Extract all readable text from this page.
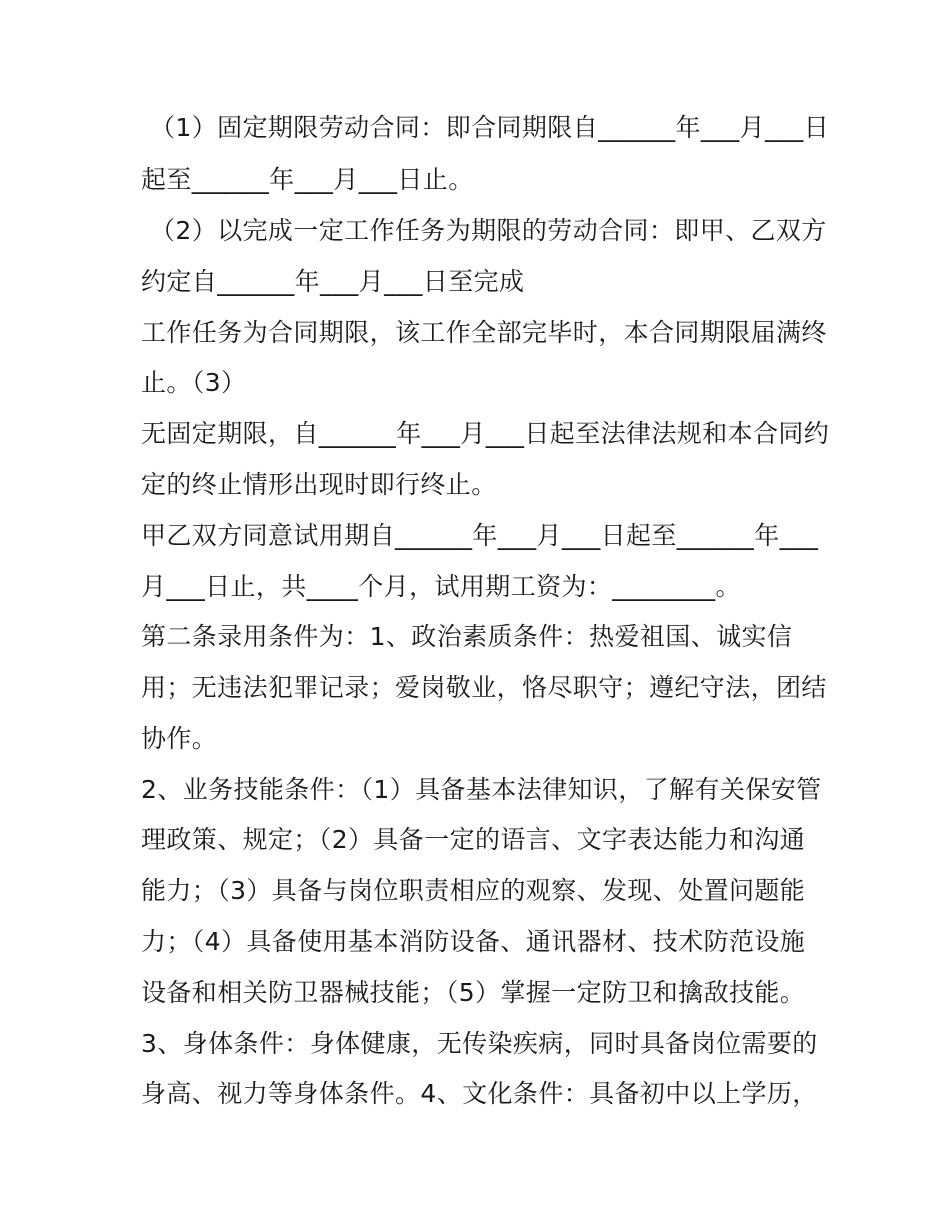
（1）固定期限劳动合同：即合同期限自______年___月___日
起至______年___月___日止。
（2）以完成一定工作任务为期限的劳动合同：即甲、乙双方
约定自______年___月___日至完成
工作任务为合同期限，该工作全部完毕时，本合同期限届满终
止。（3）
无固定期限，自______年___月___日起至法律法规和本合同约
定的终止情形出现时即行终止。
甲乙双方同意试用期自______年___月___日起至______年___
月___日止，共____个月，试用期工资为：________。
第二条录用条件为：1、政治素质条件：热爱祖国、诚实信
用；无违法犯罪记录；爱岗敬业，恪尽职守；遵纪守法，团结
协作。
2、业务技能条件：（1）具备基本法律知识，了解有关保安管
理政策、规定；（2）具备一定的语言、文字表达能力和沟通
能力；（3）具备与岗位职责相应的观察、发现、处置问题能
力；（4）具备使用基本消防设备、通讯器材、技术防范设施
设备和相关防卫器械技能；（5）掌握一定防卫和擒敌技能。
3、身体条件：身体健康，无传染疾病，同时具备岗位需要的
身高、视力等身体条件。4、文化条件：具备初中以上学历，
